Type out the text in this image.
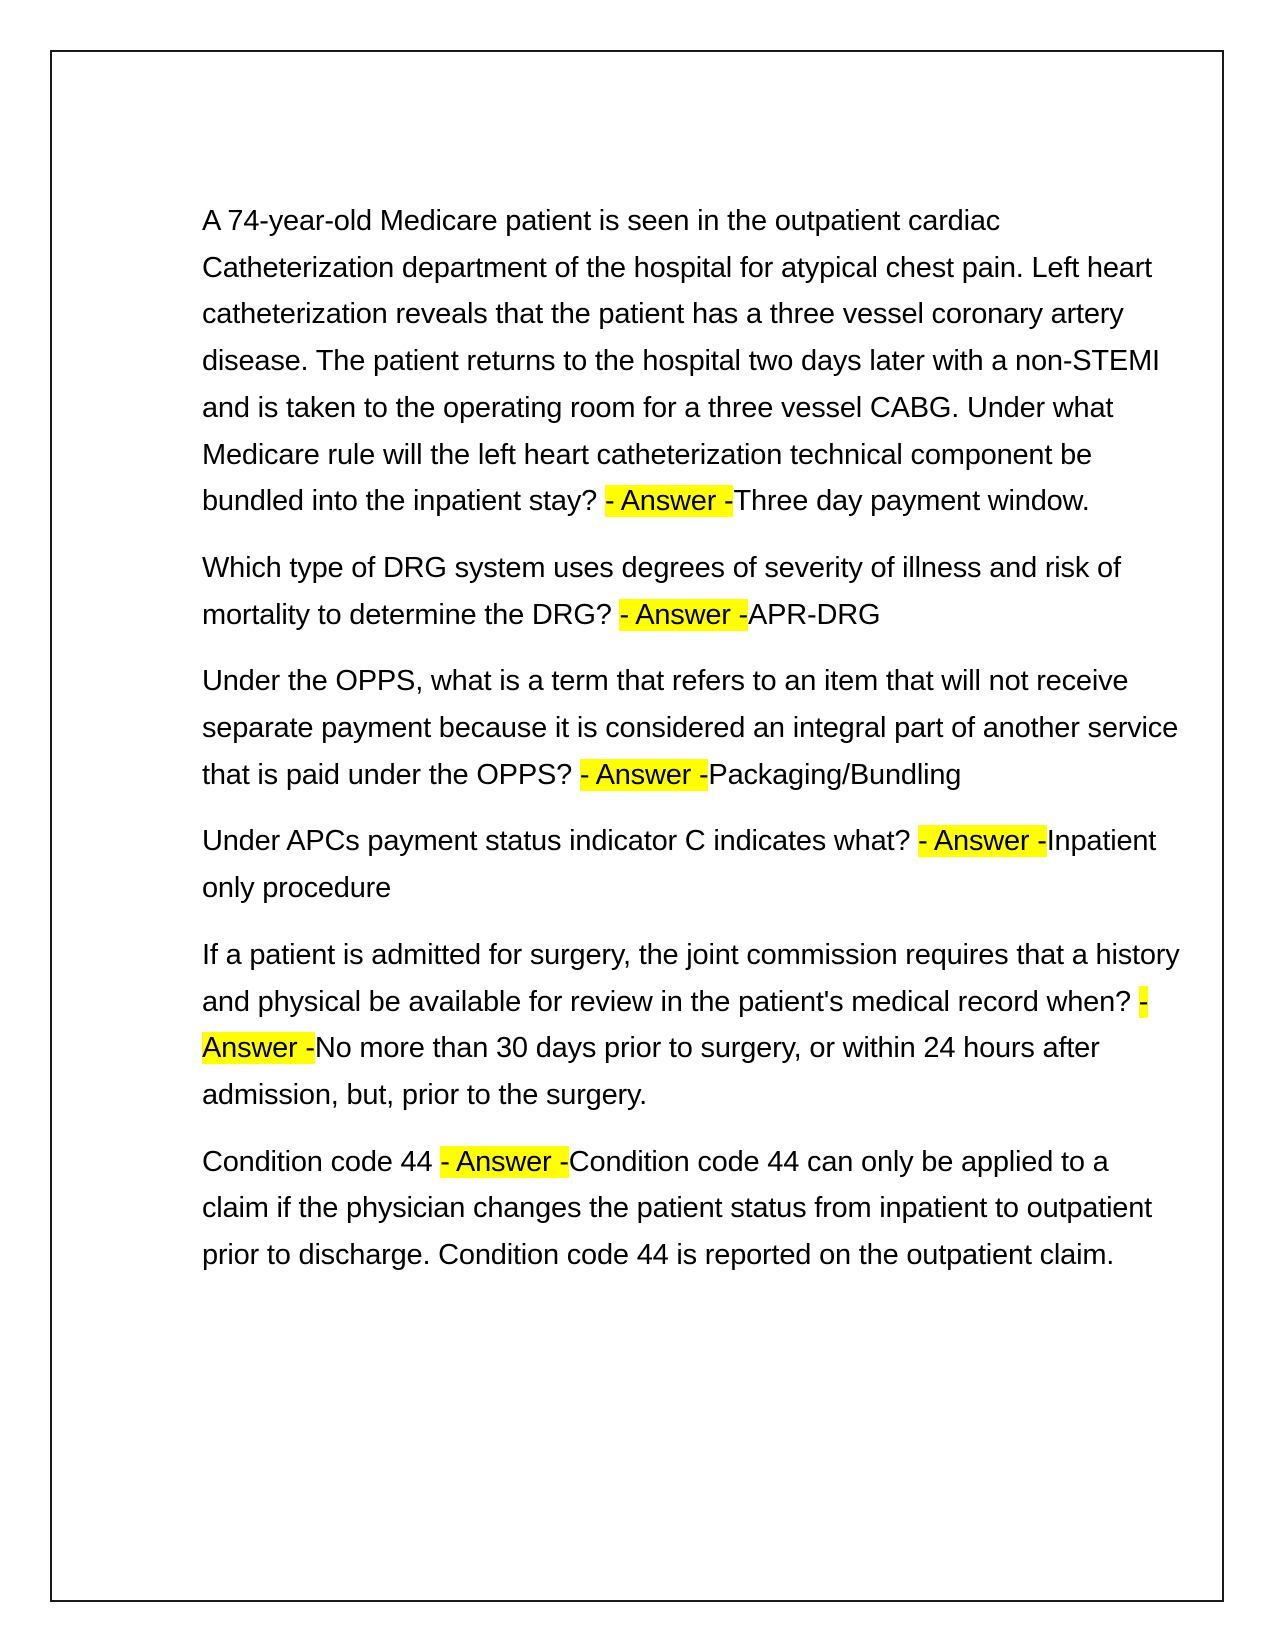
A 74-year-old Medicare patient is seen in the outpatient cardiac Catheterization department of the hospital for atypical chest pain. Left heart catheterization reveals that the patient has a three vessel coronary artery disease. The patient returns to the hospital two days later with a non-STEMI and is taken to the operating room for a three vessel CABG. Under what Medicare rule will the left heart catheterization technical component be bundled into the inpatient stay? - Answer -Three day payment window.

Which type of DRG system uses degrees of severity of illness and risk of mortality to determine the DRG? - Answer -APR-DRG

Under the OPPS, what is a term that refers to an item that will not receive separate payment because it is considered an integral part of another service that is paid under the OPPS? - Answer -Packaging/Bundling

Under APCs payment status indicator C indicates what? - Answer -Inpatient only procedure

If a patient is admitted for surgery, the joint commission requires that a history and physical be available for review in the patient's medical record when? - Answer -No more than 30 days prior to surgery, or within 24 hours after admission, but, prior to the surgery.

Condition code 44 - Answer -Condition code 44 can only be applied to a claim if the physician changes the patient status from inpatient to outpatient prior to discharge. Condition code 44 is reported on the outpatient claim.
